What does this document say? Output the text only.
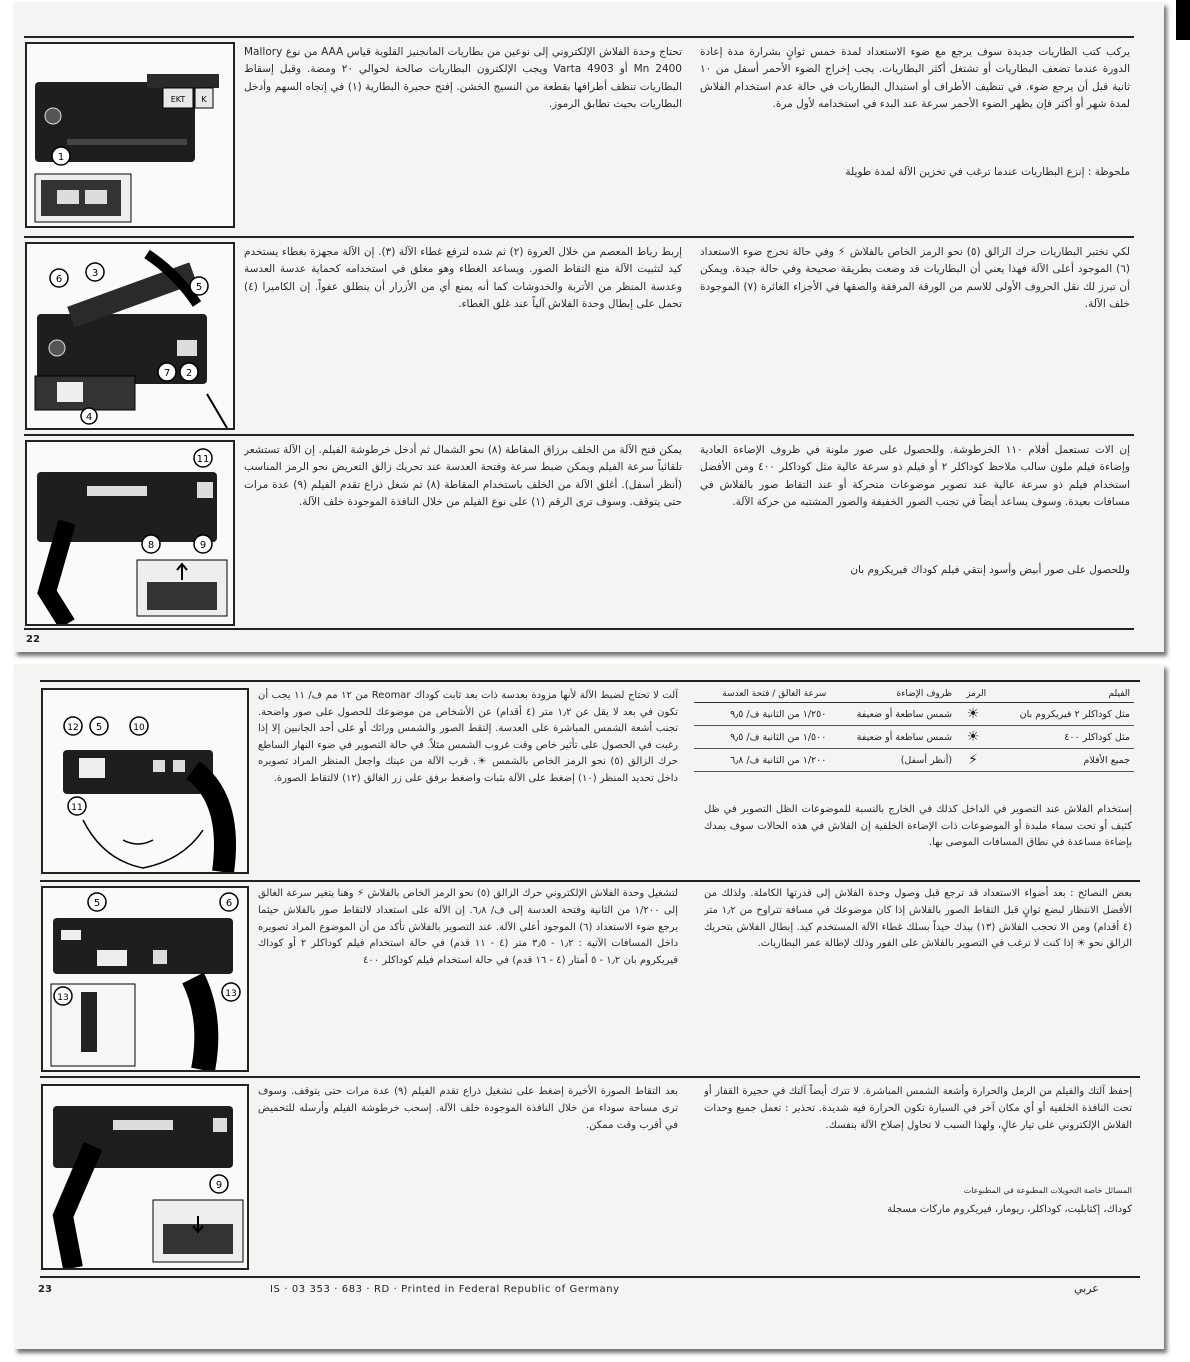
EKT K
1
تحتاج وحدة الفلاش الإلكتروني إلى نوعين من بطاريات المانجنيز القلوية قياس AAA من نوع Mallory Mn 2400 أو Varta 4903 ويجب الإلكترون البطاريات صالحة لحوالي ٢٠ ومضة. وقبل إسقاط البطاريات تنظف أطرافها بقطعة من النسيج الخشن. إفتح حجيرة البطارية (١) في إتجاه السهم وأدخل البطاريات بحيث تطابق الرموز.
يركب كتب الطاريات جديدة سوف يرجع مع ضوء الاستعداد لمدة خمس ثوانٍ بشرارة مدة إعادة الدورة عندما تضعف البطاريات أو تشتغل أكثر البطاريات. يجب إخراج الضوء الأحمر أسفل من ١٠ ثانية قبل أن يرجع ضوء. في تنظيف الأطراف أو استبدال البطاريات في حالة عدم استخدام الفلاش لمدة شهر أو أكثر فإن يظهر الضوء الأحمر سرعة عند البدء في استخدامه لأول مرة.
ملحوظة : إنزع البطاريات عندما ترغب في تخزين الآلة لمدة طويلة
6
3
5
7 2
4
إربط رباط المعصم من خلال العروة (٢) ثم شده لترفع غطاء الآلة (٣). إن الآلة مجهزة بغطاء يستخدم كيد لتثبيت الآلة منع التقاط الصور. ويساعد الغطاء وهو مغلق في استخدامه كحماية عدسة العدسة وعدسة المنظر من الأتربة والخدوشات كما أنه يمنع أي من الأزرار أن ينطلق عفواً. إن الكاميرا (٤) تحمل على إبطال وحدة الفلاش آلياً عند غلق الغطاء.
لكي تختبر البطاريات حرك الزالق (٥) نحو الرمز الخاص بالفلاش ⚡ وفي حالة تحرج ضوء الاستعداد (٦) الموجود أعلى الآلة فهذا يعني أن البطاريات قد وضعت بطريقة صحيحة وفي حالة جيدة. ويمكن أن تبرز لك نقل الحروف الأولى للاسم من الورقة المرفقة والصقها في الأجزاء الغائرة (٧) الموجودة خلف الآلة.
11
8	9
يمكن فتح الآلة من الخلف برزاق المقاطة (٨) نحو الشمال ثم أدخل خرطوشة الفيلم. إن الآلة تستشعر تلقائياً سرعة الفيلم ويمكن ضبط سرعة وفتحة العدسة عند تحريك زالق التعريض نحو الرمز المناسب (أنظر أسفل). أغلق الآلة من الخلف باستخدام المقاطة (٨) ثم شغل ذراع تقدم الفيلم (٩) عدة مرات حتى يتوقف. وسوف ترى الرقم (١) على نوع الفيلم من خلال النافذة الموجودة خلف الآلة.
إن الات تستعمل أفلام ١١٠ الخرطوشة. وللحصول على صور ملونة في ظروف الإضاءة العادية وإضاءة فيلم ملون سالب ملاحظ كوداكلر ٢ أو فيلم ذو سرعة عالية مثل كوداكلر ٤٠٠ ومن الأفضل استخدام فيلم ذو سرعة عالية عند تصوير موضوعات متحركة أو عند التقاط صور بالفلاش في مسافات بعيدة. وسوف يساعد أيضاً في تجنب الصور الخفيفة والصور المشتبه من حركة الآلة.
وللحصول على صور أبيض وأسود إنتقي فيلم كوداك فيريكروم بان
22
12 5	10
11
آلت لا تحتاج لضبط الآلة لأنها مزودة بعدسة ذات بعد ثابت كوداك Reomar من ١٢ مم ف/ ١١ يجب أن تكون في بعد لا يقل عن ١٫٢ متر (٤ أقدام) عن الأشخاص من موضوعك للحصول على صور واضحة. تجنب أشعة الشمس المباشرة على العدسة. إلتقط الصور والشمس ورائك أو على أحد الجانبين إلا إذا رغبت في الحصول على تأثير خاص وقت غروب الشمس مثلاً. في حالة التصوير في ضوء النهار الساطع حرك الزالق (٥) نحو الرمز الخاص بالشمس ☀. قرب الآلة من عينك واجعل المنظر المراد تصويره داخل تحديد المنظر (١٠) إضغط على الآلة بثبات واضغط برفق على زر الغالق (١٢) لالتقاط الصورة.
الفيلم	الرمز	ظروف الإضاءة	سرعة الغالق / فتحة العدسة
مثل كوداكلر ٢ فيريكروم بان	☀	شمس ساطعة أو ضعيفة	١/٢٥٠ من الثانية ف/ ٩٫٥
مثل كوداكلر ٤٠٠	☀	شمس ساطعة أو ضعيفة	١/٥٠٠ من الثانية ف/ ٩٫٥
جميع الأفلام	⚡	(أنظر أسفل)	١/٢٠٠ من الثانية ف/ ٦٫٨
إستخدام الفلاش عند التصوير في الداخل كذلك في الخارج بالنسبة للموضوعات الظل التصوير في ظل كثيف أو تحت سماء ملبدة أو الموضوعات ذات الإضاءة الخلفية إن الفلاش في هذه الحالات سوف يمدك بإضاءة مساعدة في نطاق المسافات الموصى بها.
5	6
13	13
لتشغيل وحدة الفلاش الإلكتروني حرك الزالق (٥) نحو الرمز الخاص بالفلاش ⚡ وهنا يتغير سرعة الغالق إلى ١/٢٠٠ من الثانية وفتحة العدسة إلى ف/ ٦٫٨. إن الآلة على استعداد لالتقاط صور بالفلاش حيثما يرجع ضوء الاستعداد (٦) الموجود أعلى الآلة. عند التصوير بالفلاش تأكد من أن الموضوع المراد تصويره داخل المسافات الآتية : ١٫٢ - ٣٫٥ متر (٤ - ١١ قدم) في حالة استخدام فيلم كوداكلر ٢ أو كوداك فيريكروم بان ١٫٢ - ٥ أمتار (٤ - ١٦ قدم) في حالة استخدام فيلم كوداكلر ٤٠٠
بعض النصائح : بعد أضواء الاستعداد قد ترجع قبل وصول وحدة الفلاش إلى قدرتها الكاملة. ولذلك من الأفضل الانتظار لبضع ثوانٍ قبل التقاط الصور بالفلاش إذا كان موضوعك في مسافة تتراوح من ١٫٢ متر (٤ أقدام) ومن الا تحجب الفلاش (١٣) بيدك حيداً بسلك غطاء الآلة المستخدم كيد. إبطال الفلاش بتحريك الزالق نحو ☀ إذا كنت لا ترغب في التصوير بالفلاش على الفور وذلك لإطالة عمر البطاريات.
9
بعد التقاط الصورة الأخيرة إضغط على تشغيل ذراع تقدم الفيلم (٩) عدة مرات حتى يتوقف. وسوف ترى مساحة سوداء من خلال النافذة الموجودة خلف الآلة. إسحب خرطوشة الفيلم وأرسله للتحميض في أقرب وقت ممكن.
إحفظ آلتك والفيلم من الرمل والحرارة وأشعة الشمس المباشرة. لا تترك أيضاً آلتك في حجيرة القفاز أو تحت النافذة الخلفية أو أي مكان آخر في السيارة تكون الحرارة فيه شديدة. تحذير : تعمل جميع وحدات الفلاش الإلكتروني على تيار عالٍ، ولهذا السبب لا تحاول إصلاح الآلة بنفسك.
المسائل خاصة التحويلات المطبوعة في المطبوعات
كوداك، إكتابليت، كوداكلر، ريومار، فيريكروم ماركات مسجلة
23	IS · 03 353 · 683 · RD · Printed in Federal Republic of Germany	عربي
